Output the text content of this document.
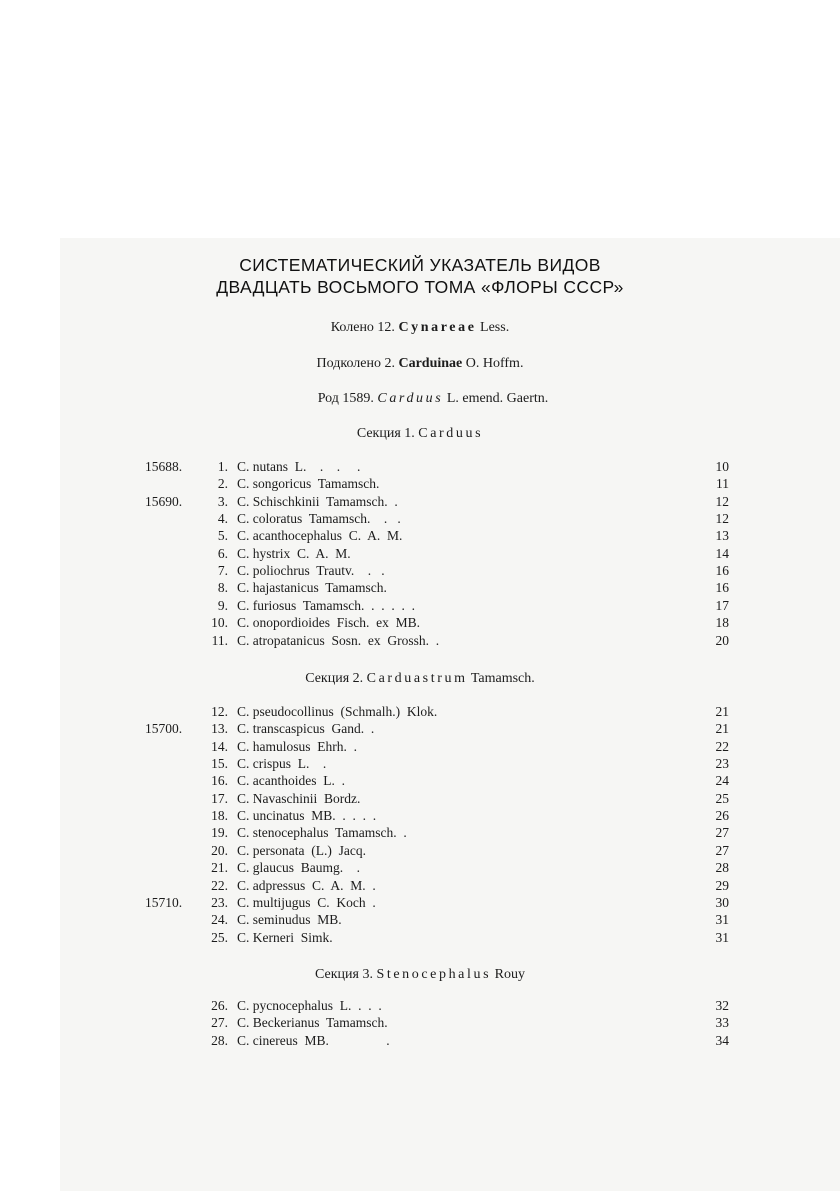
СИСТЕМАТИЧЕСКИЙ УКАЗАТЕЛЬ ВИДОВ
ДВАДЦАТЬ ВОСЬМОГО ТОМА «ФЛОРЫ СССР»
Колено 12. Cynareae Less.
Подколено 2. Carduinae O. Hoffm.
Род 1589. Carduus L. emend. Gaertn.
Секция 1. Carduus
15688.	1. C. nutans  L.    .    .     .	10
2. C. songoricus  Tamamsch.	11
15690.	3. C. Schischkinii  Tamamsch.  .	12
4. C. coloratus  Tamamsch.    .   .	12
5. C. acanthocephalus  C.  A.  M.	13
6. C. hystrix  C.  A.  M.	14
7. C. poliochrus  Trautv.    .   .	16
8. C. hajastanicus  Tamamsch.	16
9. C. furiosus  Tamamsch.  .  .  .  .  .	17
10. C. onopordioides  Fisch.  ex  MB.	18
11. C. atropatanicus  Sosn.  ex  Grossh.  .	20
Секция 2. Carduastrum Tamamsch.
12. C. pseudocollinus  (Schmalh.)  Klok.	21
15700.	13. C. transcaspicus  Gand.  .	21
14. C. hamulosus  Ehrh.  .	22
15. C. crispus  L.    .	23
16. C. acanthoides  L.  .	24
17. C. Navaschinii  Bordz.	25
18. C. uncinatus  MB.  .  .  .  .	26
19. C. stenocephalus  Tamamsch.  .	27
20. C. personata  (L.)  Jacq.	27
21. C. glaucus  Baumg.    .	28
22. C. adpressus  C.  A.  M.  .	29
15710.	23. C. multijugus  C.  Koch  .	30
24. C. seminudus  MB.	31
25. C. Kerneri  Simk.	31
Секция 3. Stenocephalus Rouy
26. C. pycnocephalus  L.  .  .  .	32
27. C. Beckerianus  Tamamsch.	33
28. C. cinereus  MB.                 .	34
